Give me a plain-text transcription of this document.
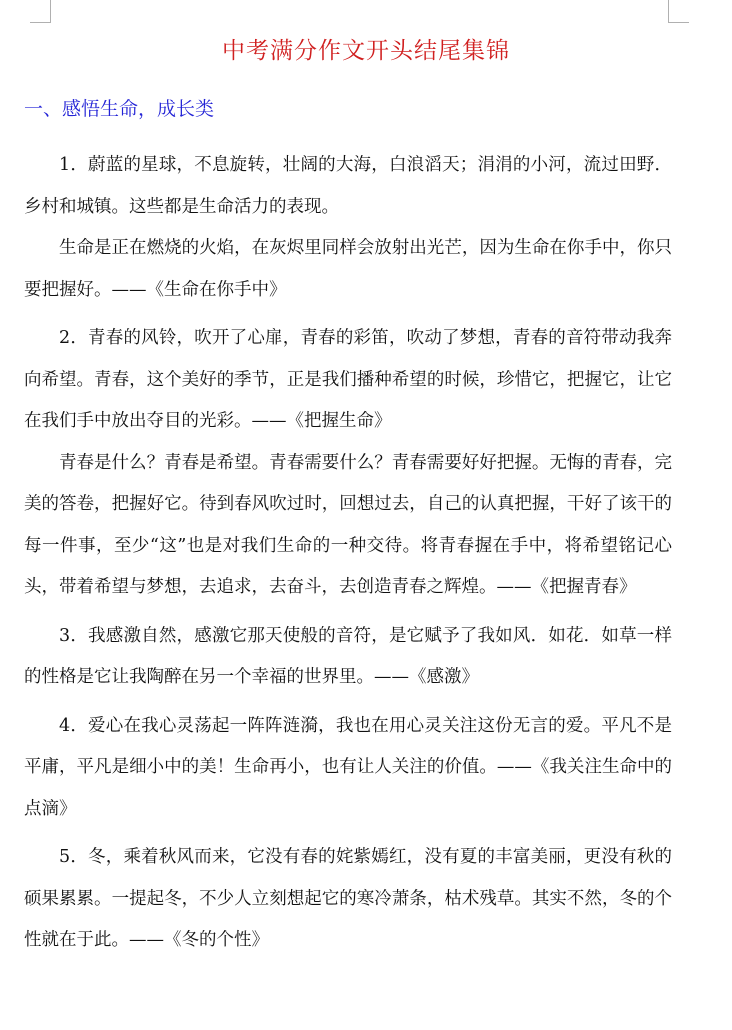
中考满分作文开头结尾集锦
一、感悟生命，成长类

1．蔚蓝的星球，不息旋转，壮阔的大海，白浪滔天；涓涓的小河，流过田野．乡村和城镇。这些都是生命活力的表现。

生命是正在燃烧的火焰，在灰烬里同样会放射出光芒，因为生命在你手中，你只要把握好。——《生命在你手中》

2．青春的风铃，吹开了心扉，青春的彩笛，吹动了梦想，青春的音符带动我奔向希望。青春，这个美好的季节，正是我们播种希望的时候，珍惜它，把握它，让它在我们手中放出夺目的光彩。——《把握生命》

青春是什么？青春是希望。青春需要什么？青春需要好好把握。无悔的青春，完美的答卷，把握好它。待到春风吹过时，回想过去，自己的认真把握，干好了该干的每一件事，至少“这”也是对我们生命的一种交待。将青春握在手中，将希望铭记心头，带着希望与梦想，去追求，去奋斗，去创造青春之辉煌。——《把握青春》

3．我感激自然，感激它那天使般的音符，是它赋予了我如风．如花．如草一样的性格是它让我陶醉在另一个幸福的世界里。——《感激》

4．爱心在我心灵荡起一阵阵涟漪，我也在用心灵关注这份无言的爱。平凡不是平庸，平凡是细小中的美！生命再小，也有让人关注的价值。——《我关注生命中的点滴》

5．冬，乘着秋风而来，它没有春的姹紫嫣红，没有夏的丰富美丽，更没有秋的硕果累累。一提起冬，不少人立刻想起它的寒冷萧条，枯术残草。其实不然，冬的个性就在于此。——《冬的个性》
